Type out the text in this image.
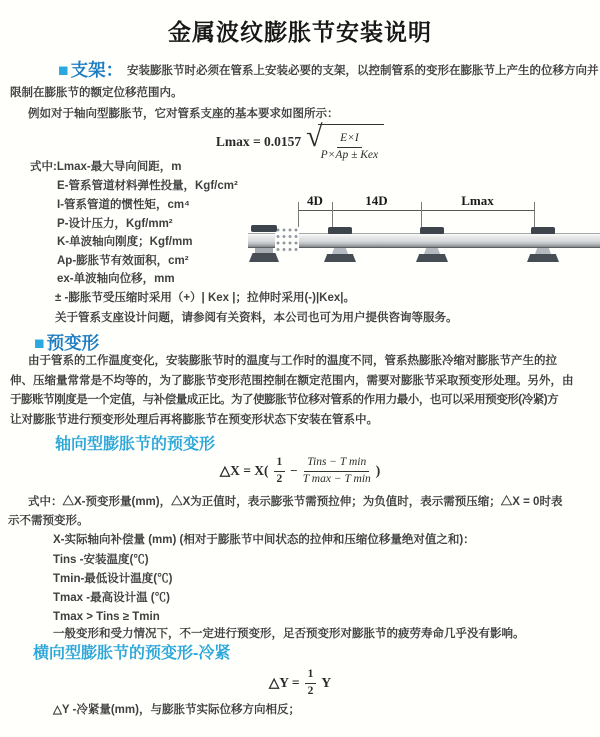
金属波纹膨胀节安装说明
■ 支架： 安装膨胀节时必须在管系上安装必要的支架，以控制管系的变形在膨胀节上产生的位移方向并
限制在膨胀节的额定位移范围内。
例如对于轴向型膨胀节，它对管系支座的基本要求如图所示：
Lmax = 0.0157 √
$\frac{E\times I}{\text{P×Ap ± Kex}}$
式中:Lmax-最大导向间距，m
E-管系管道材料弹性投量，Kgf/cm²
I-管系管道的惯性矩，cm⁴
P-设计压力，Kgf/mm²
K-单波轴向刚度；Kgf/mm
Ap-膨胀节有效面积，cm²
ex-单波轴向位移，mm
± -膨胀节受压缩时采用（+）| Kex |；拉伸时采用(-)|Kex|。
关于管系支座设计问题，请参阅有关资料，本公司也可为用户提供咨询等服务。
4D	14D	Lmax
■ 预变形
由于管系的工作温度变化，安装膨胀节时的温度与工作时的温度不同，管系热膨胀冷缩对膨胀节产生的拉
伸、压缩量常常是不均等的，为了膨胀节变形范围控制在额定范围内，需要对膨胀节采取预变形处理。另外，由
于膨账节刚度是一个定值，与补偿量成正比。为了使膨胀节位移对管系的作用力最小，也可以采用预变形(冷紧)方
让对膨胀节进行预变形处理后再将膨胀节在预变形状态下安装在管系中。
轴向型膨胀节的预变形
△X = $X( \frac{1}{2} - \frac{\text{Tins − T min}}{\text{T max − T min}}$ )
式中：△X-预变形量(mm)，△X为正值时，表示膨张节需预拉伸；为负值时，表示需预压缩；△X = 0时表
示不需预变形。
X-实际轴向补偿量 (mm) (相对于膨胀节中间状态的拉伸和压缩位移量绝对值之和)：
Tins -安装温度(℃)
Tmin-最低设计温度(℃)
Tmax -最高设计温 (℃)
Tmax > Tins ≥ Tmin
一般变形和受力情况下，不一定进行预变形，足否预变形对膨胀节的疲劳寿命几乎没有影响。
横向型膨胀节的预变形-冷紧
△Y = $\frac{1}{2}$ Y
△Y -冷紧量(mm)，与膨胀节实际位移方向相反；
